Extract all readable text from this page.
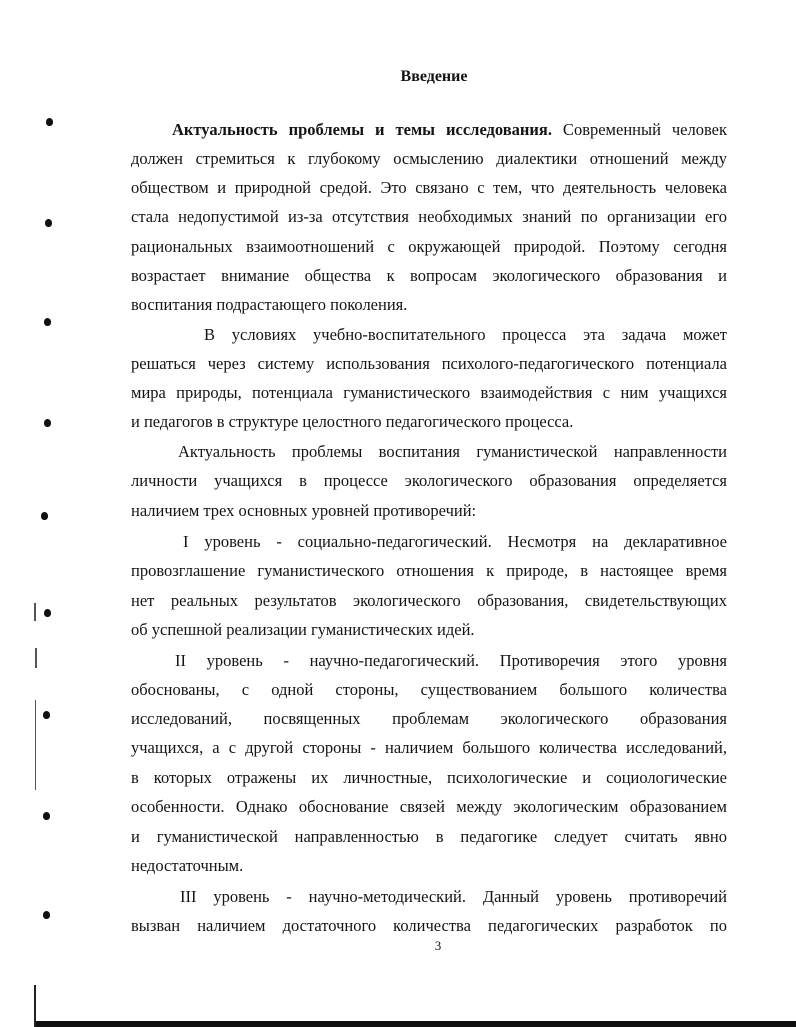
Введение
Актуальность проблемы и темы исследования. Современный человек
должен стремиться к глубокому осмыслению диалектики отношений между
обществом и природной средой. Это связано с тем, что деятельность человека
стала недопустимой из-за отсутствия необходимых знаний по организации его
рациональных взаимоотношений с окружающей природой. Поэтому сегодня
возрастает внимание общества к вопросам экологического образования и
воспитания подрастающего поколения.
В условиях учебно-воспитательного процесса эта задача может
решаться через систему использования психолого-педагогического потенциала
мира природы, потенциала гуманистического взаимодействия с ним учащихся
и педагогов в структуре целостного педагогического процесса.
Актуальность проблемы воспитания гуманистической направленности
личности учащихся в процессе экологического образования определяется
наличием трех основных уровней противоречий:
I уровень - социально-педагогический. Несмотря на декларативное
провозглашение гуманистического отношения к природе, в настоящее время
нет реальных результатов экологического образования, свидетельствующих
об успешной реализации гуманистических идей.
II уровень - научно-педагогический. Противоречия этого уровня
обоснованы, с одной стороны, существованием большого количества
исследований, посвященных проблемам экологического образования
учащихся, а с другой стороны - наличием большого количества исследований,
в которых отражены их личностные, психологические и социологические
особенности. Однако обоснование связей между экологическим образованием
и гуманистической направленностью в педагогике следует считать явно
недостаточным.
III уровень - научно-методический. Данный уровень противоречий
вызван наличием достаточного количества педагогических разработок по
3
